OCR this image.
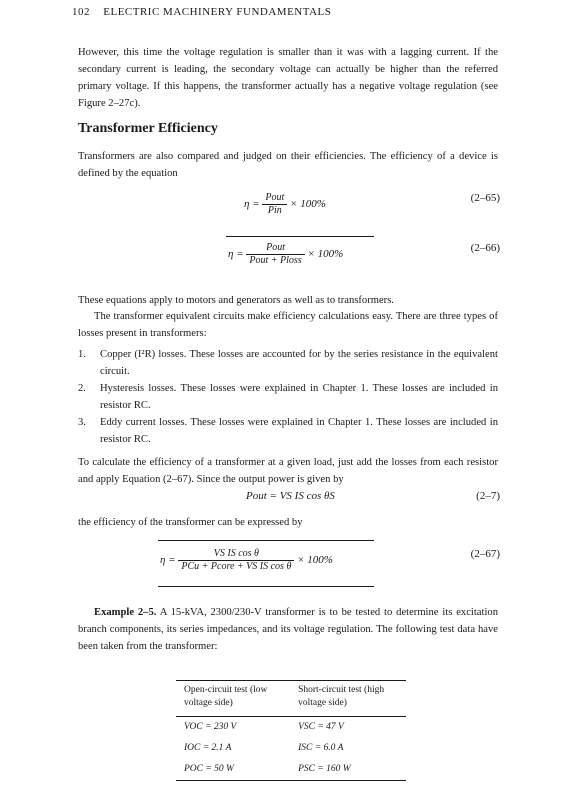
102 ELECTRIC MACHINERY FUNDAMENTALS

However, this time the voltage regulation is smaller than it was with a lagging current. If the secondary current is leading, the secondary voltage can actually be higher than the referred primary voltage. If this happens, the transformer actually has a negative voltage regulation (see Figure 2–27c).

Transformer Efficiency

Transformers are also compared and judged on their efficiencies. The efficiency of a device is defined by the equation

$\eta = \frac{\text{Pout}}{\text{Pin}} \times 100\%$
(2–65)
$\eta = \frac{\text{Pout}}{\text{Pout + Ploss}} \times 100\%$
(2–66)

These equations apply to motors and generators as well as to transformers.

The transformer equivalent circuits make efficiency calculations easy. There are three types of losses present in transformers:

1. Copper (I²R) losses. These losses are accounted for by the series resistance in the equivalent circuit.
2. Hysteresis losses. These losses were explained in Chapter 1. These losses are included in resistor RC.
3. Eddy current losses. These losses were explained in Chapter 1. These losses are included in resistor RC.

To calculate the efficiency of a transformer at a given load, just add the losses from each resistor and apply Equation (2–67). Since the output power is given by

Pout = VS IS cos θS	(2–7)

the efficiency of the transformer can be expressed by

$\eta = \frac{\text{VS IS cos θ}}{\text{PCu + Pcore + VS IS cos θ}} \times 100\%$
(2–67)

Example 2–5. A 15-kVA, 2300/230-V transformer is to be tested to determine its excitation branch components, its series impedances, and its voltage regulation. The following test data have been taken from the transformer:

Open-circuit test (low voltage side)	Short-circuit test (high voltage side)
VOC = 230 V	VSC = 47 V
IOC = 2.1 A	ISC = 6.0 A
POC = 50 W	PSC = 160 W
